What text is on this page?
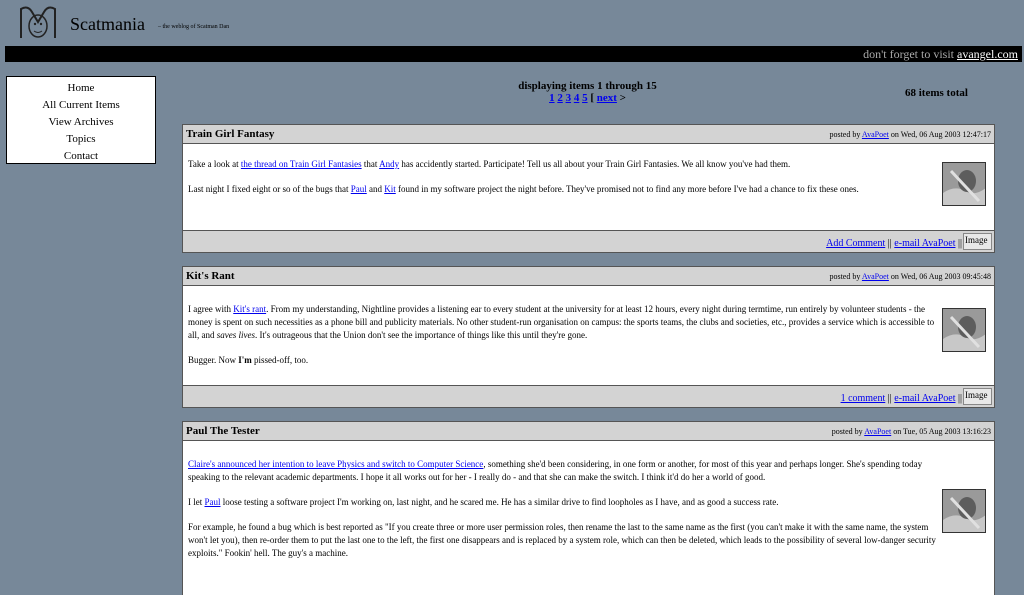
Scatmania – the weblog of Scatman Dan
don't forget to visit avangel.com
Home
All Current Items
View Archives
Topics
Contact
displaying items 1 through 15
1 2 3 4 5 [ next >	68 items total
Train Girl Fantasy	posted by AvaPoet on Wed, 06 Aug 2003 12:47:17

Take a look at the thread on Train Girl Fantasies that Andy has accidently started. Participate! Tell us all about your Train Girl Fantasies. We all know you've had them.

Last night I fixed eight or so of the bugs that Paul and Kit found in my software project the night before. They've promised not to find any more before I've had a chance to fix these ones.

Add Comment || e-mail AvaPoet || Image
Kit's Rant	posted by AvaPoet on Wed, 06 Aug 2003 09:45:48

I agree with Kit's rant. From my understanding, Nightline provides a listening ear to every student at the university for at least 12 hours, every night during termtime, run entirely by volunteer students - the money is spent on such necessities as a phone bill and publicity materials. No other student-run organisation on campus: the sports teams, the clubs and societies, etc., provides a service which is accessible to all, and saves lives. It's outrageous that the Union don't see the importance of things like this until they're gone.

Bugger. Now I'm pissed-off, too.

1 comment || e-mail AvaPoet || Image
Paul The Tester	posted by AvaPoet on Tue, 05 Aug 2003 13:16:23

Claire's announced her intention to leave Physics and switch to Computer Science, something she'd been considering, in one form or another, for most of this year and perhaps longer. She's spending today speaking to the relevant academic departments. I hope it all works out for her - I really do - and that she can make the switch. I think it'd do her a world of good.

I let Paul loose testing a software project I'm working on, last night, and he scared me. He has a similar drive to find loopholes as I have, and as good a success rate.

For example, he found a bug which is best reported as "If you create three or more user permission roles, then rename the last to the same name as the first (you can't make it with the same name, the system won't let you), then re-order them to put the last one to the left, the first one disappears and is replaced by a system role, which can then be deleted, which leads to the possibility of several low-danger security exploits." Fookin' hell. The guy's a machine.
